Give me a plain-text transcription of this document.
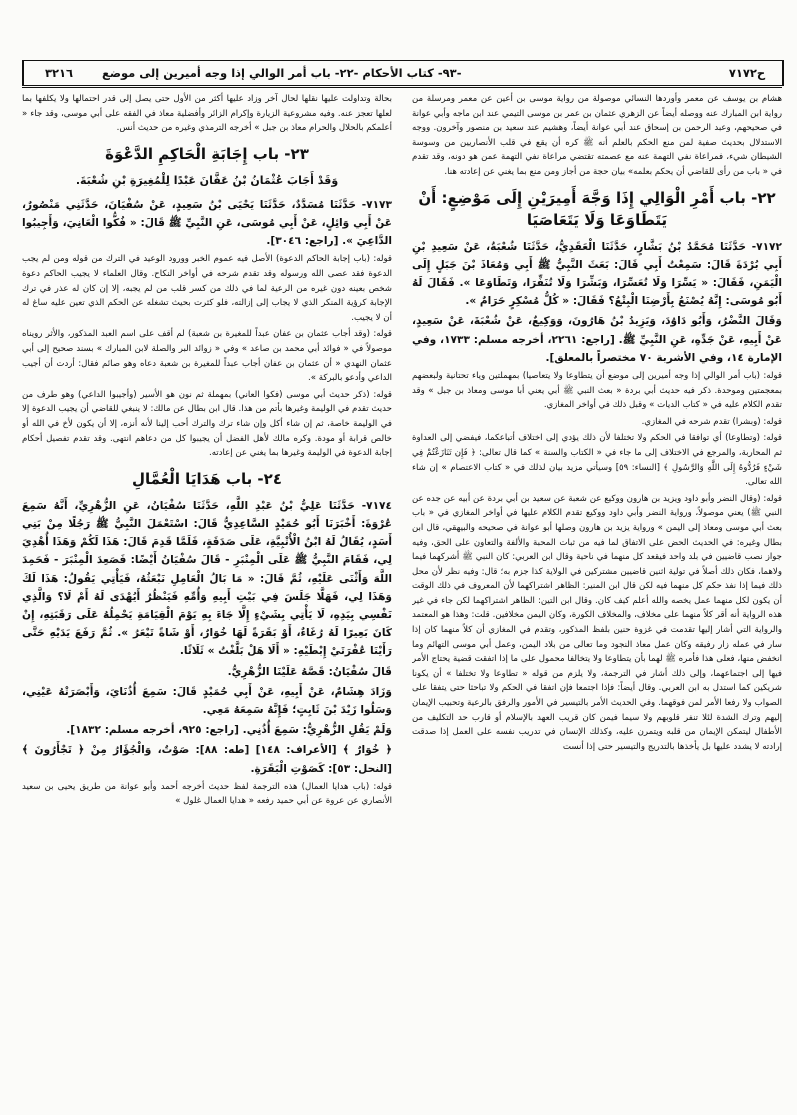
ح٧١٧٢
-٩٣- كتاب الأحكام -٢٢- باب أمر الوالي إذا وجه أميرين إلى موضع
٣٢١٦

هشام بن يوسف عن معمر وأوردها النسائي موصولة من رواية موسى بن أعين عن معمر ومرسلة من رواية ابن المبارك عنه ووصله أيضاً عن الزهري عثمان بن عمر بن موسى التيمي عند ابن ماجه وأبي عوانة في صحيحهم، وعبد الرحمن بن إسحاق عند أبي عوانة أيضاً، وهشيم عند سعيد بن منصور وآخرون. ووجه الاستدلال بحديث صفية لمن منع الحكم بالعلم أنه ﷺ كره أن يقع في قلب الأنصاريين من وسوسة الشيطان شيء، فمراعاة نفي التهمة عنه مع عصمته تقتضي مراعاة نفي التهمة عمن هو دونه، وقد تقدم في « باب من رأى للقاضي أن يحكم بعلمه» بيان حجة من أجاز ومن منع بما يغني عن إعادته هنا.

٢٢- باب أَمْرِ الْوَالِي إِذَا وَجَّهَ أَمِيرَيْنِ إِلَى مَوْضِعٍ: أَنْ يَتَطَاوَعَا وَلَا يَتَعَاصَيَا

٧١٧٢- حَدَّثَنَا مُحَمَّدُ بْنُ بَشَّارٍ، حَدَّثَنَا الْعَقَدِيُّ، حَدَّثَنَا شُعْبَةُ، عَنْ سَعِيدِ بْنِ أَبِي بُرْدَةَ قَالَ: سَمِعْتُ أَبِي قَالَ: بَعَثَ النَّبِيُّ ﷺ أَبِي وَمُعَاذَ بْنَ جَبَلٍ إِلَى الْيَمَنِ، فَقَالَ: « يَسِّرَا وَلَا تُعَسِّرَا، وَبَشِّرَا وَلَا تُنَفِّرَا، وَتَطَاوَعَا ». فَقَالَ لَهُ أَبُو مُوسَى: إِنَّهُ يُصْنَعُ بِأَرْضِنَا الْبِتْعُ؟ فَقَالَ: « كُلُّ مُسْكِرٍ حَرَامٌ ».

وَقَالَ النَّضْرُ، وَأَبُو دَاوُدَ، وَيَزِيدُ بْنُ هَارُونَ، وَوَكِيعٌ، عَنْ شُعْبَةَ، عَنْ سَعِيدٍ، عَنْ أَبِيهِ، عَنْ جَدِّهِ، عَنِ النَّبِيِّ ﷺ. [راجع: ٢٢٦١، أخرجه مسلم: ١٧٣٣، وفي الإمارة ١٤، وفي الأشربة ٧٠ مختصراً بالمعلق].

قوله: (باب أمر الوالي إذا وجه أميرين إلى موضع أن يتطاوعا ولا يتعاصيا) بمهملتين وياء تحتانية ولبعضهم بمعجمتين وموحدة. ذكر فيه حديث أبي بردة « بعث النبي ﷺ أبي يعني أبا موسى ومعاذ بن جبل » وقد تقدم الكلام عليه في « كتاب الديات » وقبل ذلك في أواخر المغازي.

قوله: (وبشرا) تقدم شرحه في المغازي.

قوله: (وتطاوعا) أي توافقا في الحكم ولا تختلفا لأن ذلك يؤدي إلى اختلاف أتباعكما، فيفضي إلى العداوة ثم المحاربة، والمرجع في الاختلاف إلى ما جاء في « الكتاب والسنة » كما قال تعالى: ﴿ فَإِن تَنَازَعْتُمْ فِي شَيْءٍ فَرُدُّوهُ إِلَى اللَّهِ وَالرَّسُولِ ﴾ [النساء: ٥٩] وسيأتي مزيد بيان لذلك في « كتاب الاعتصام » إن شاء الله تعالى.

قوله: (وقال النضر وأبو داود ويزيد بن هارون ووكيع عن شعبة عن سعيد بن أبي بردة عن أبيه عن جده عن النبي ﷺ) يعني موصولاً، ورواية النضر وأبي داود ووكيع تقدم الكلام عليها في أواخر المغازي في « باب بعث أبي موسى ومعاذ إلى اليمن » ورواية يزيد بن هارون وصلها أبو عوانة في صحيحه والبيهقي، قال ابن بطال وغيره: في الحديث الحض على الاتفاق لما فيه من ثبات المحبة والألفة والتعاون على الحق، وفيه جواز نصب قاضيين في بلد واحد فيقعد كل منهما في ناحية وقال ابن العربي: كان النبي ﷺ أشركهما فيما ولاهما، فكان ذلك أصلاً في تولية اثنين قاضيين مشتركين في الولاية كذا جزم به؛ قال: وفيه نظر لأن محل ذلك فيما إذا نفذ حكم كل منهما فيه لكن قال ابن المنير: الظاهر اشتراكهما لأن المعروف في ذلك الوقت أن يكون لكل منهما عمل يخصه والله أعلم كيف كان. وقال ابن التين: الظاهر اشتراكهما لكن جاء في غير هذه الرواية أنه أقر كلاً منهما على مخلاف، والمخلاف الكورة، وكان اليمن مخلافين. قلت: وهذا هو المعتمد والرواية التي أشار إليها تقدمت في غزوة حنين بلفظ المذكور، وتقدم في المغازي أن كلاً منهما كان إذا سار في عمله زار رفيقه وكان عمل معاذ النجود وما تعالى من بلاد اليمن، وعمل أبي موسى التهائم وما انخفض منها، فعلى هذا فأمره ﷺ لهما بأن يتطاوعا ولا يتخالفا محمول على ما إذا اتفقت قضية يحتاج الأمر فيها إلى اجتماعهما، وإلى ذلك أشار في الترجمة، ولا يلزم من قوله « تطاوعا ولا تختلفا » أن يكونا شريكين كما استدل به ابن العربي. وقال أيضاً: فإذا اجتمعا فإن اتفقا في الحكم ولا تباحثا حتى يتفقا على الصواب ولا رفعا الأمر لمن فوقهما. وفي الحديث الأمر بالتيسير في الأمور والرفق بالرعية وتحبيب الإيمان إليهم وترك الشدة لئلا تنفر قلوبهم ولا سيما فيمن كان قريب العهد بالإسلام أو قارب حد التكليف من الأطفال ليتمكن الإيمان من قلبه ويتمرن عليه، وكذلك الإنسان في تدريب نفسه على العمل إذا صدقت إرادته لا يشدد عليها بل يأخذها بالتدريج والتيسير حتى إذا أنست

بحالة وتداولت عليها نقلها لحال آخر وزاد عليها أكثر من الأول حتى يصل إلى قدر احتمالها ولا يكلفها بما لعلها تعجز عنه. وفيه مشروعية الزيارة وإكرام الزائر وأفضلية معاذ في الفقه على أبي موسى، وقد جاء « أعلمكم بالحلال والحرام معاذ بن جبل » أخرجه الترمذي وغيره من حديث أنس.

٢٣- باب إِجَابَةِ الْحَاكِمِ الدَّعْوَةَ
وَقَدْ أَجَابَ عُثْمَانُ بْنُ عَفَّانَ عَبْدًا لِلْمُغِيرَةِ بْنِ شُعْبَةَ.

٧١٧٣- حَدَّثَنَا مُسَدَّدٌ، حَدَّثَنَا يَحْيَى بْنُ سَعِيدٍ، عَنْ سُفْيَانَ، حَدَّثَنِي مَنْصُورٌ، عَنْ أَبِي وَائِلٍ، عَنْ أَبِي مُوسَى، عَنِ النَّبِيِّ ﷺ قَالَ: « فُكُّوا الْعَانِيَ، وَأَجِيبُوا الدَّاعِيَ ». [راجع: ٣٠٤٦].

قوله: (باب إجابة الحاكم الدعوة) الأصل فيه عموم الخبر وورود الوعيد في الترك من قوله ومن لم يجب الدعوة فقد عصى الله ورسوله وقد تقدم شرحه في أواخر النكاح. وقال العلماء لا يجيب الحاكم دعوة شخص بعينه دون غيره من الرعية لما في ذلك من كسر قلب من لم يجبه، إلا إن كان له عذر في ترك الإجابة كرؤية المنكر الذي لا يجاب إلى إزالته، فلو كثرت بحيث تشغله عن الحكم الذي تعين عليه ساغ له أن لا يجيب.

قوله: (وقد أجاب عثمان بن عفان عبداً للمغيرة بن شعبة) لم أقف على اسم العبد المذكور، والأثر رويناه موصولاً في « فوائد أبي محمد بن صاعد » وفي « زوائد البر والصلة لابن المبارك » بسند صحيح إلى أبي عثمان النهدي « أن عثمان بن عفان أجاب عبداً للمغيرة بن شعبة دعاه وهو صائم فقال: أردت أن أجيب الداعي وأدعو بالبركة ».

قوله: (ذكر حديث أبي موسى (فكوا العاني) بمهملة ثم نون هو الأسير (وأجيبوا الداعي) وهو طرف من حديث تقدم في الوليمة وغيرها بأتم من هذا. قال ابن بطال عن مالك: لا ينبغي للقاضي أن يجيب الدعوة إلا في الوليمة خاصة، ثم إن شاء أكل وإن شاء ترك والترك أحب إلينا لأنه أنزه، إلا أن يكون لأخ في الله أو خالص قرابة أو مودة. وكره مالك لأهل الفضل أن يجيبوا كل من دعاهم انتهى. وقد تقدم تفصيل أحكام إجابة الدعوة في الوليمة وغيرها بما يغني عن إعادته.

٢٤- باب هَدَايَا الْعُمَّالِ

٧١٧٤- حَدَّثَنَا عَلِيُّ بْنُ عَبْدِ اللَّهِ، حَدَّثَنَا سُفْيَانُ، عَنِ الزُّهْرِيِّ، أَنَّهُ سَمِعَ عُرْوَةَ: أَخْبَرَنَا أَبُو حُمَيْدٍ السَّاعِدِيُّ قَالَ: اسْتَعْمَلَ النَّبِيُّ ﷺ رَجُلًا مِنْ بَنِي أَسَدٍ، يُقَالُ لَهُ ابْنُ الْأُتْبِيَّةِ، عَلَى صَدَقَةٍ، فَلَمَّا قَدِمَ قَالَ: هَذَا لَكُمْ وَهَذَا أُهْدِيَ لِي، فَقَامَ النَّبِيُّ ﷺ عَلَى الْمِنْبَرِ - قَالَ سُفْيَانُ أَيْضًا: فَصَعِدَ الْمِنْبَرَ - فَحَمِدَ اللَّهَ وَأَثْنَى عَلَيْهِ، ثُمَّ قَالَ: « مَا بَالُ الْعَامِلِ نَبْعَثُهُ، فَيَأْتِي يَقُولُ: هَذَا لَكَ وَهَذَا لِي، فَهَلَّا جَلَسَ فِي بَيْتِ أَبِيهِ وَأُمِّهِ فَيَنْظُرُ أَيُهْدَى لَهُ أَمْ لَا؟ وَالَّذِي نَفْسِي بِيَدِهِ، لَا يَأْتِي بِشَيْءٍ إِلَّا جَاءَ بِهِ يَوْمَ الْقِيَامَةِ يَحْمِلُهُ عَلَى رَقَبَتِهِ، إِنْ كَانَ بَعِيرًا لَهُ رُغَاءٌ، أَوْ بَقَرَةً لَهَا خُوَارٌ، أَوْ شَاةً تَيْعَرُ ». ثُمَّ رَفَعَ يَدَيْهِ حَتَّى رَأَيْنَا عُفْرَتَيْ إِبْطَيْهِ: « أَلَا هَلْ بَلَّغْتُ » ثَلَاثًا.

قَالَ سُفْيَانُ: قَصَّهُ عَلَيْنَا الزُّهْرِيُّ.

وَزَادَ هِشَامٌ، عَنْ أَبِيهِ، عَنْ أَبِي حُمَيْدٍ قَالَ: سَمِعَ أُذُنَايَ، وَأَبْصَرَتْهُ عَيْنِي، وَسَلُوا زَيْدَ بْنَ ثَابِتٍ؛ فَإِنَّهُ سَمِعَهُ مَعِي.

وَلَمْ يَقُلِ الزُّهْرِيُّ: سَمِعَ أُذُنِي. [راجع: ٩٢٥، أخرجه مسلم: ١٨٣٢].

﴿ خُوَارٌ ﴾ [الأعراف: ١٤٨] [طه: ٨٨]: صَوْتٌ، وَالْجُؤَارُ مِنْ ﴿ تَجْأَرُونَ ﴾ [النحل: ٥٣]: كَصَوْتِ الْبَقَرَةِ.

قوله: (باب هدايا العمال) هذه الترجمة لفظ حديث أخرجه أحمد وأبو عوانة من طريق يحيى بن سعيد الأنصاري عن عروة عن أبي حميد رفعه « هدايا العمال غلول »
